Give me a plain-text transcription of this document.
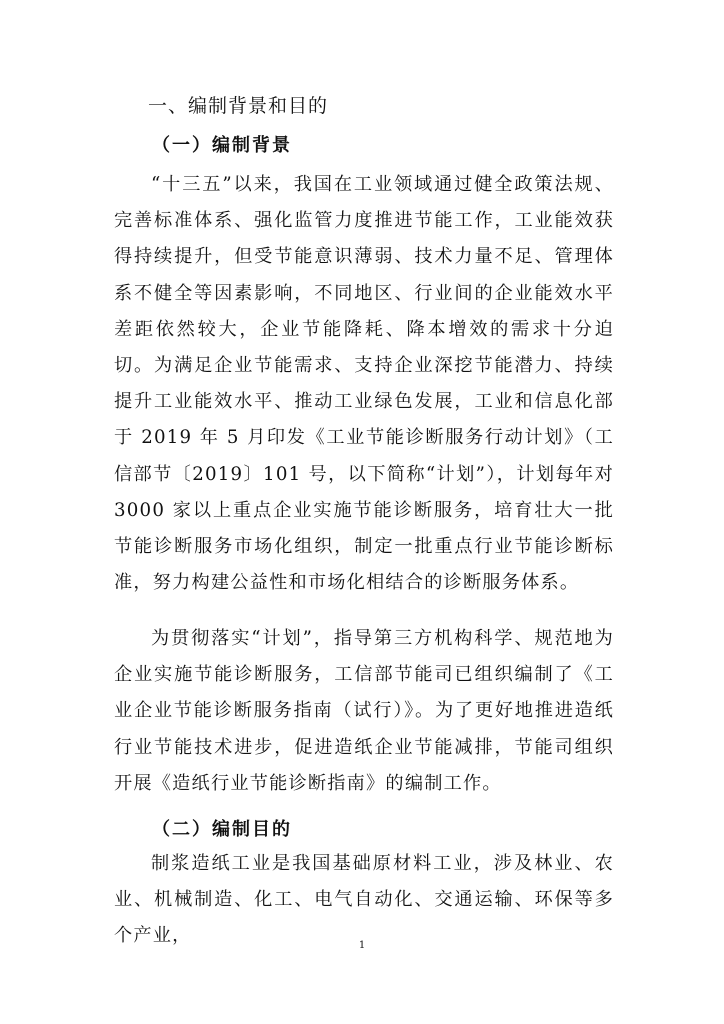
一、编制背景和目的
（一）编制背景

“十三五”以来，我国在工业领域通过健全政策法规、完善标准体系、强化监管力度推进节能工作，工业能效获得持续提升，但受节能意识薄弱、技术力量不足、管理体系不健全等因素影响，不同地区、行业间的企业能效水平差距依然较大，企业节能降耗、降本增效的需求十分迫切。为满足企业节能需求、支持企业深挖节能潜力、持续提升工业能效水平、推动工业绿色发展，工业和信息化部于 2019 年 5 月印发《工业节能诊断服务行动计划》（工信部节〔2019〕101 号，以下简称“计划”），计划每年对 3000 家以上重点企业实施节能诊断服务，培育壮大一批节能诊断服务市场化组织，制定一批重点行业节能诊断标准，努力构建公益性和市场化相结合的诊断服务体系。

为贯彻落实“计划”，指导第三方机构科学、规范地为企业实施节能诊断服务，工信部节能司已组织编制了《工业企业节能诊断服务指南（试行）》。为了更好地推进造纸行业节能技术进步，促进造纸企业节能减排，节能司组织开展《造纸行业节能诊断指南》的编制工作。

（二）编制目的

制浆造纸工业是我国基础原材料工业，涉及林业、农业、机械制造、化工、电气自动化、交通运输、环保等多个产业，	1
